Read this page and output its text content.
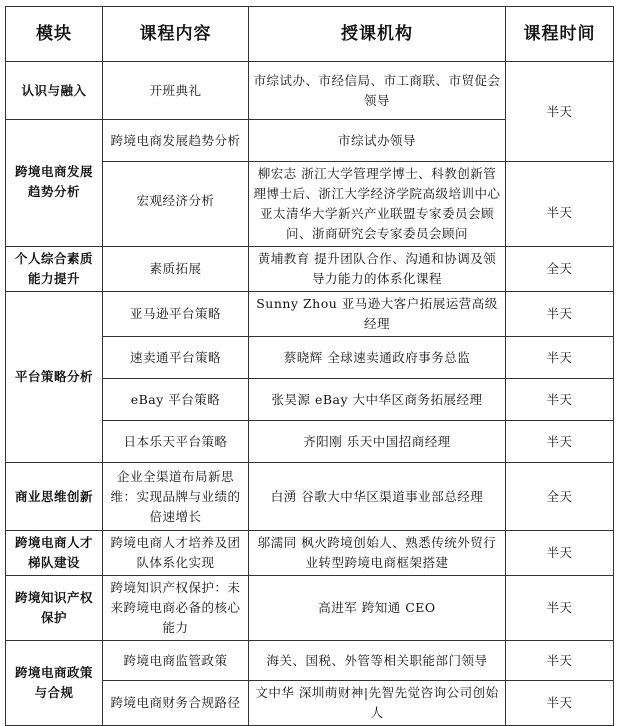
模块	课程内容	授课机构	课程时间
认识与融入	开班典礼	市综试办、市经信局、市工商联、市贸促会领导	半天
跨境电商发展趋势分析	跨境电商发展趋势分析	市综试办领导	
	宏观经济分析	柳宏志 浙江大学管理学博士、科教创新管理博士后、浙江大学经济学院高级培训中心亚太清华大学新兴产业联盟专家委员会顾问、浙商研究会专家委员会顾问	半天
个人综合素质能力提升	素质拓展	黄埔教育 提升团队合作、沟通和协调及领导力能力的体系化课程	全天
平台策略分析	亚马逊平台策略	Sunny Zhou 亚马逊大客户拓展运营高级经理	半天
	速卖通平台策略	蔡晓辉 全球速卖通政府事务总监	半天
	eBay 平台策略	张昊源 eBay 大中华区商务拓展经理	半天
	日本乐天平台策略	齐阳刚 乐天中国招商经理	半天
商业思维创新	企业全渠道布局新思维：实现品牌与业绩的倍速增长	白湧 谷歌大中华区渠道事业部总经理	全天
跨境电商人才梯队建设	跨境电商人才培养及团队体系化实现	邬濡同 枫火跨境创始人、熟悉传统外贸行业转型跨境电商框架搭建	半天
跨境知识产权保护	跨境知识产权保护：未来跨境电商必备的核心能力	高进军 跨知通 CEO	半天
跨境电商政策与合规	跨境电商监管政策	海关、国税、外管等相关职能部门领导	半天
	跨境电商财务合规路径	文中华 深圳萌财神|先智先觉咨询公司创始人	半天
